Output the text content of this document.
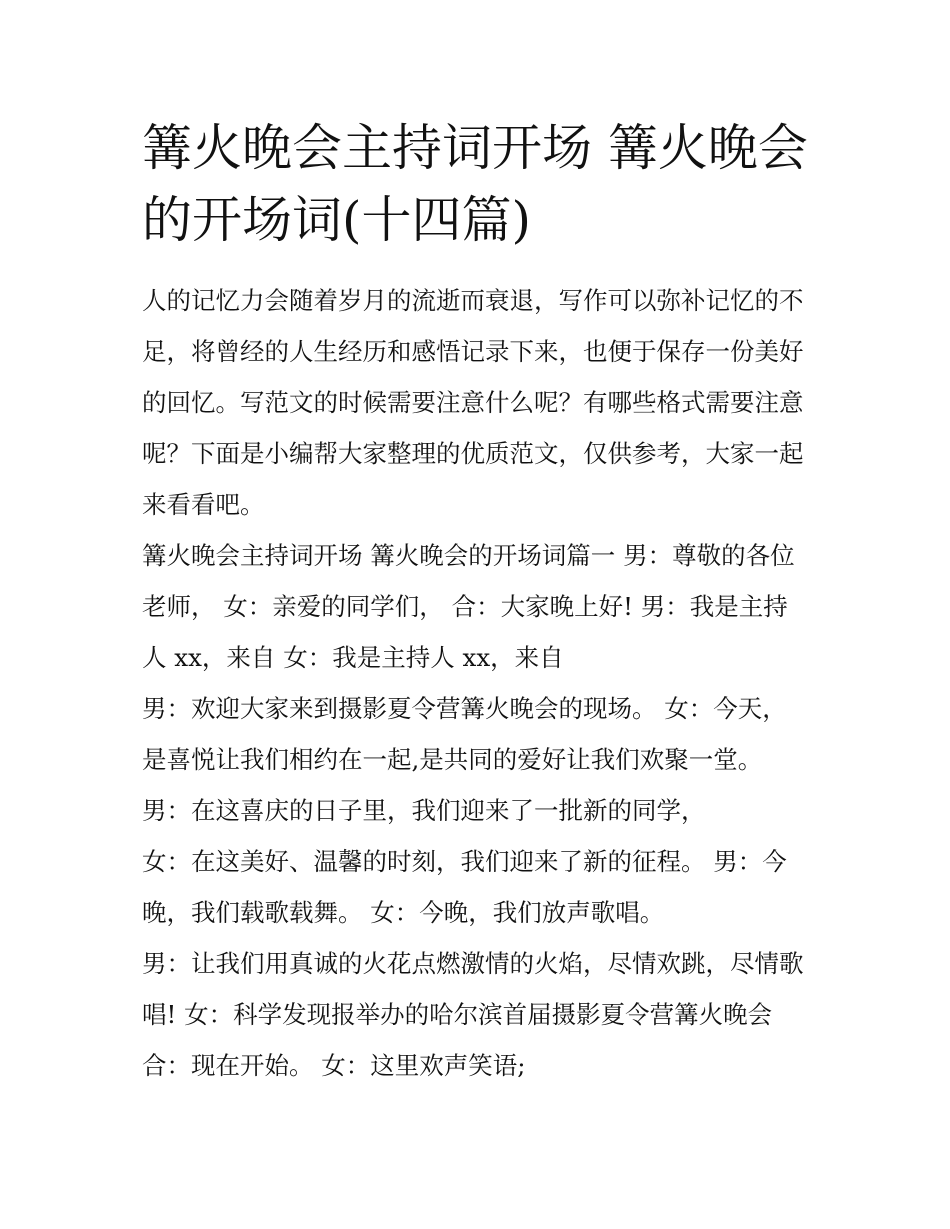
篝火晚会主持词开场 篝火晚会的开场词(十四篇)

人的记忆力会随着岁月的流逝而衰退，写作可以弥补记忆的不足，将曾经的人生经历和感悟记录下来，也便于保存一份美好的回忆。写范文的时候需要注意什么呢？有哪些格式需要注意呢？下面是小编帮大家整理的优质范文，仅供参考，大家一起来看看吧。

篝火晚会主持词开场 篝火晚会的开场词篇一 男：尊敬的各位

老师， 女：亲爱的同学们， 合：大家晚上好! 男：我是主持

人 xx，来自 女：我是主持人 xx，来自

男：欢迎大家来到摄影夏令营篝火晚会的现场。 女：今天，

是喜悦让我们相约在一起,是共同的爱好让我们欢聚一堂。

男：在这喜庆的日子里，我们迎来了一批新的同学，

女：在这美好、温馨的时刻，我们迎来了新的征程。 男：今

晚，我们载歌载舞。 女：今晚，我们放声歌唱。

男：让我们用真诚的火花点燃激情的火焰，尽情欢跳，尽情歌

唱! 女：科学发现报举办的哈尔滨首届摄影夏令营篝火晚会

合：现在开始。 女：这里欢声笑语;
